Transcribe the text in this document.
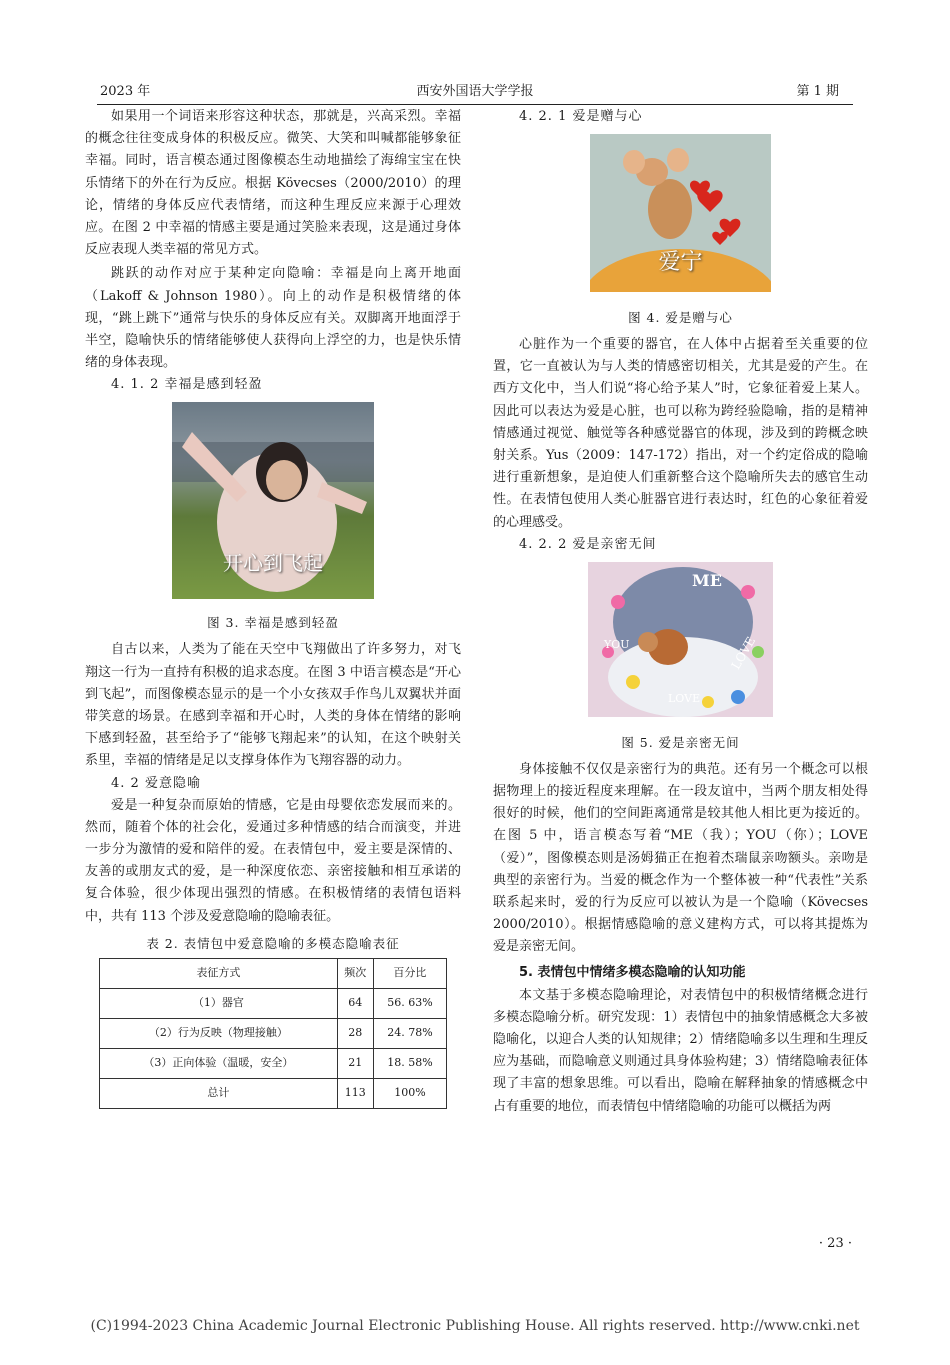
2023 年	西安外国语大学学报	第 1 期

如果用一个词语来形容这种状态，那就是，兴高采烈。幸福的概念往往变成身体的积极反应。微笑、大笑和叫喊都能够象征幸福。同时，语言模态通过图像模态生动地描绘了海绵宝宝在快乐情绪下的外在行为反应。根据 Kövecses（2000/2010）的理论，情绪的身体反应代表情绪，而这种生理反应来源于心理效应。在图 2 中幸福的情感主要是通过笑脸来表现，这是通过身体反应表现人类幸福的常见方式。

跳跃的动作对应于某种定向隐喻：幸福是向上离开地面（Lakoff & Johnson 1980）。向上的动作是积极情绪的体现，“跳上跳下”通常与快乐的身体反应有关。双脚离开地面浮于半空，隐喻快乐的情绪能够使人获得向上浮空的力，也是快乐情绪的身体表现。

4. 1. 2 幸福是感到轻盈
开心到飞起
图 3. 幸福是感到轻盈

自古以来，人类为了能在天空中飞翔做出了许多努力，对飞翔这一行为一直持有积极的追求态度。在图 3 中语言模态是“开心到飞起”，而图像模态显示的是一个小女孩双手作鸟儿双翼状并面带笑意的场景。在感到幸福和开心时，人类的身体在情绪的影响下感到轻盈，甚至给予了“能够飞翔起来”的认知，在这个映射关系里，幸福的情绪是足以支撑身体作为飞翔容器的动力。

4. 2 爱意隐喻

爱是一种复杂而原始的情感，它是由母婴依恋发展而来的。然而，随着个体的社会化，爱通过多种情感的结合而演变，并进一步分为激情的爱和陪伴的爱。在表情包中，爱主要是深情的、友善的或朋友式的爱，是一种深度依恋、亲密接触和相互承诺的复合体验，很少体现出强烈的情感。在积极情绪的表情包语料中，共有 113 个涉及爱意隐喻的隐喻表征。

表 2. 表情包中爱意隐喻的多模态隐喻表征
表征方式	频次	百分比
（1）器官	64	56. 63%
（2）行为反映（物理接触）	28	24. 78%
（3）正向体验（温暖，安全）	21	18. 58%
总计	113	100%
4. 2. 1 爱是赠与心
爱宁
图 4. 爱是赠与心

心脏作为一个重要的器官，在人体中占据着至关重要的位置，它一直被认为与人类的情感密切相关，尤其是爱的产生。在西方文化中，当人们说“将心给予某人”时，它象征着爱上某人。因此可以表达为爱是心脏，也可以称为跨经验隐喻，指的是精神情感通过视觉、触觉等各种感觉器官的体现，涉及到的跨概念映射关系。Yus（2009：147-172）指出，对一个约定俗成的隐喻进行重新想象，是迫使人们重新整合这个隐喻所失去的感官生动性。在表情包使用人类心脏器官进行表达时，红色的心象征着爱的心理感受。

4. 2. 2 爱是亲密无间
ME
YOU	LOVE
LOVE
图 5. 爱是亲密无间

身体接触不仅仅是亲密行为的典范。还有另一个概念可以根据物理上的接近程度来理解。在一段友谊中，当两个朋友相处得很好的时候，他们的空间距离通常是较其他人相比更为接近的。在图 5 中，语言模态写着“ME（我）；YOU（你）；LOVE（爱）”，图像模态则是汤姆猫正在抱着杰瑞鼠亲吻额头。亲吻是典型的亲密行为。当爱的概念作为一个整体被一种“代表性”关系联系起来时，爱的行为反应可以被认为是一个隐喻（Kövecses 2000/2010）。根据情感隐喻的意义建构方式，可以将其提炼为爱是亲密无间。

5. 表情包中情绪多模态隐喻的认知功能

本文基于多模态隐喻理论，对表情包中的积极情绪概念进行多模态隐喻分析。研究发现：1）表情包中的抽象情感概念大多被隐喻化，以迎合人类的认知规律；2）情绪隐喻多以生理和生理反应为基础，而隐喻意义则通过具身体验构建；3）情绪隐喻表征体现了丰富的想象思维。可以看出，隐喻在解释抽象的情感概念中占有重要的地位，而表情包中情绪隐喻的功能可以概括为两

· 23 ·
(C)1994-2023 China Academic Journal Electronic Publishing House. All rights reserved. http://www.cnki.net
